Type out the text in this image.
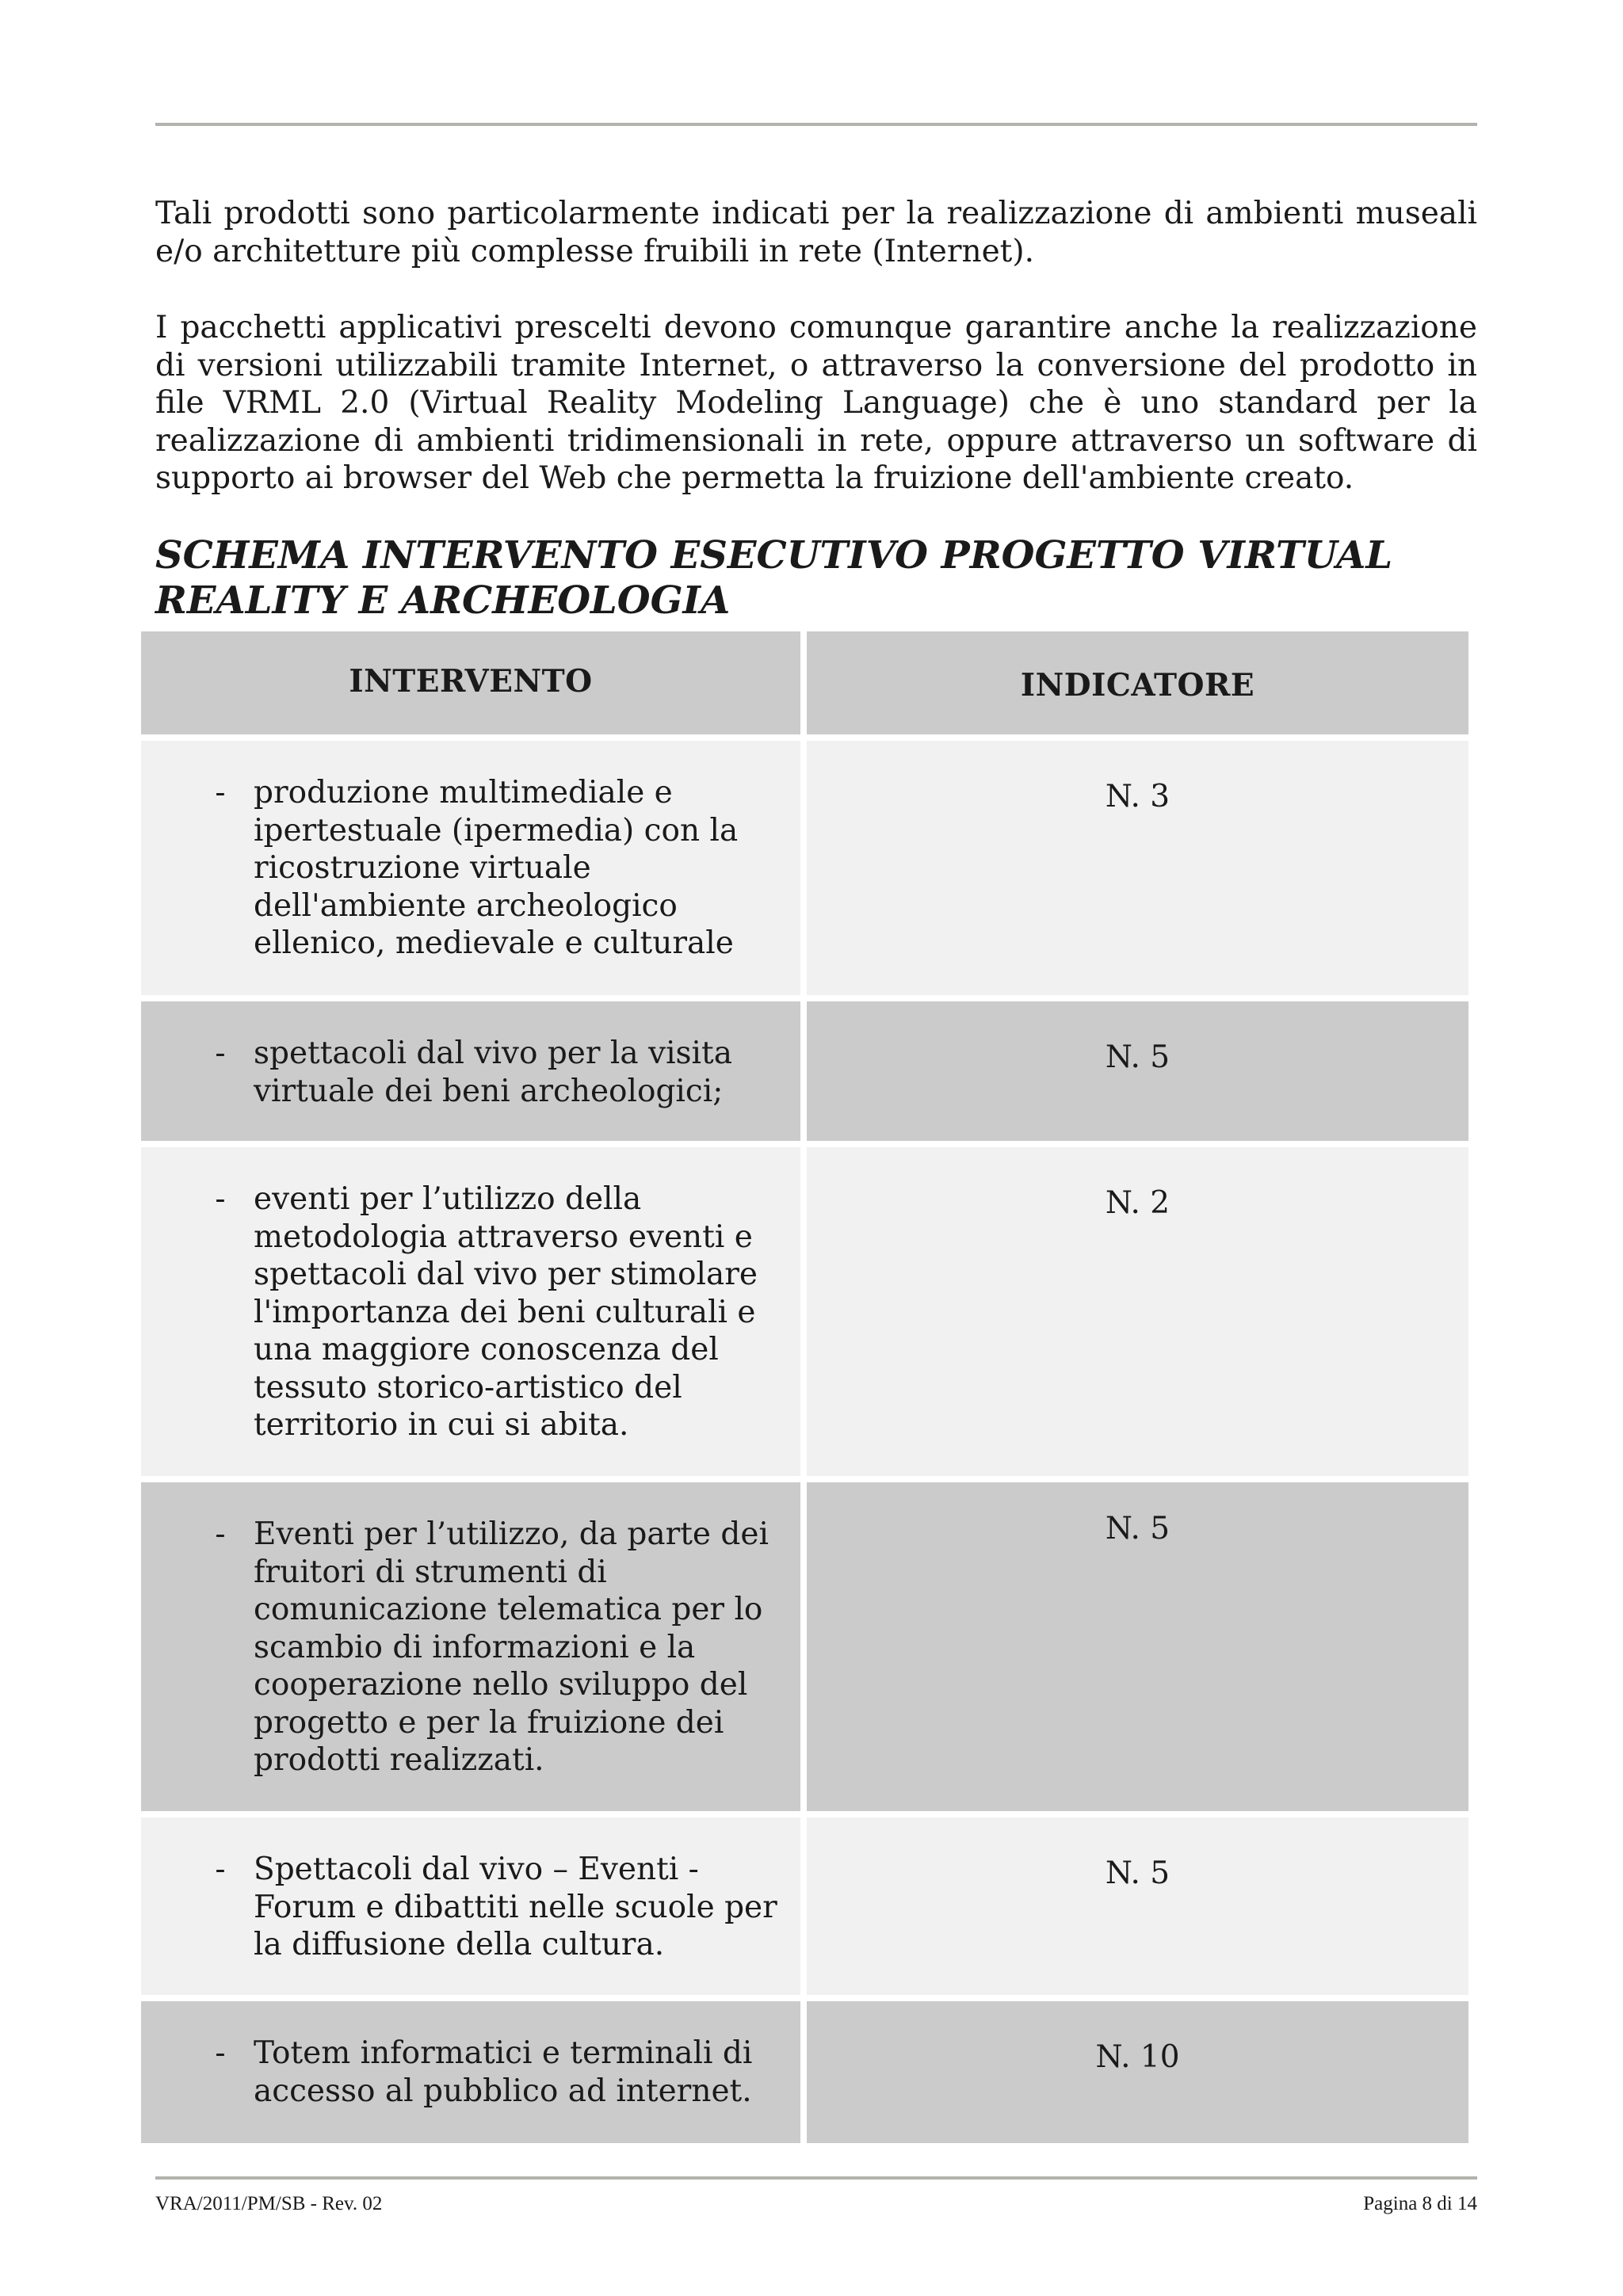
Tali prodotti sono particolarmente indicati per la realizzazione di ambienti museali e/o architetture più complesse fruibili in rete (Internet).

I pacchetti applicativi prescelti devono comunque garantire anche la realizzazione di versioni utilizzabili tramite Internet, o attraverso la conversione del prodotto in file VRML 2.0 (Virtual Reality Modeling Language) che è uno standard per la realizzazione di ambienti tridimensionali in rete, oppure attraverso un software di supporto ai browser del Web che permetta la fruizione dell'ambiente creato.

SCHEMA INTERVENTO ESECUTIVO PROGETTO VIRTUAL REALITY E ARCHEOLOGIA
INTERVENTO	INDICATORE
- produzione multimediale e ipertestuale (ipermedia) con la ricostruzione virtuale dell'ambiente archeologico ellenico, medievale e culturale
N. 3
- spettacoli dal vivo per la visita virtuale dei beni archeologici;
N. 5
- eventi per l’utilizzo della metodologia attraverso eventi e spettacoli dal vivo per stimolare l'importanza dei beni culturali e una maggiore conoscenza del tessuto storico-artistico del territorio in cui si abita.
N. 2
- Eventi per l’utilizzo, da parte dei fruitori di strumenti di comunicazione telematica per lo scambio di informazioni e la cooperazione nello sviluppo del progetto e per la fruizione dei prodotti realizzati.
N. 5
- Spettacoli dal vivo – Eventi - Forum e dibattiti nelle scuole per la diffusione della cultura.
N. 5
- Totem informatici e terminali di accesso al pubblico ad internet.
N. 10
VRA/2011/PM/SB - Rev. 02	Pagina 8 di 14
